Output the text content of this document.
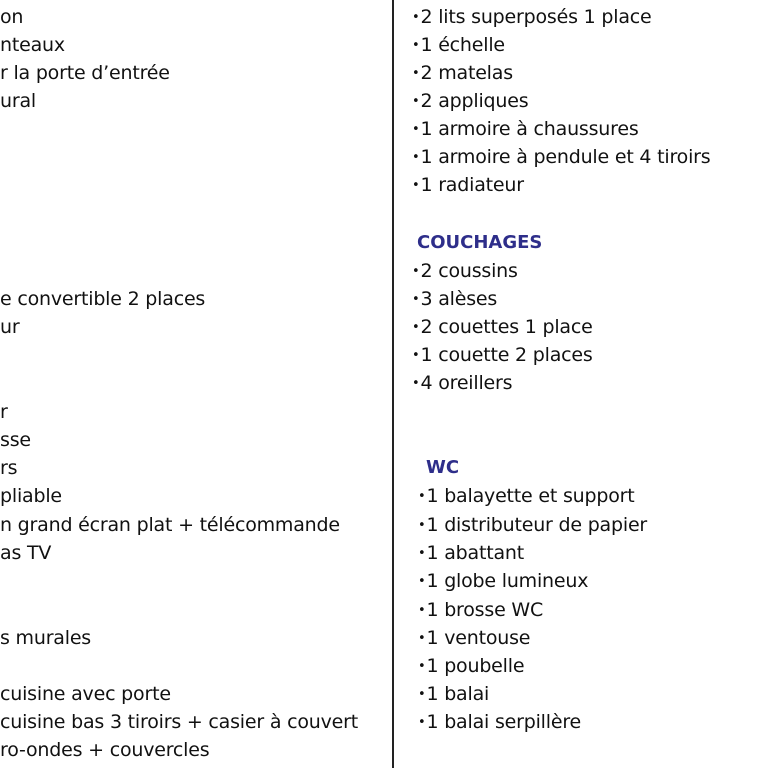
on
nteaux
r la porte d’entrée
ural
e convertible 2 places
ur
r
sse
rs
pliable
n grand écran plat + télécommande
as TV
s murales
cuisine avec porte
cuisine bas 3 tiroirs + casier à couvert
ro-ondes + couvercles
•2 lits superposés 1 place
•1 échelle
•2 matelas
•2 appliques
•1 armoire à chaussures
•1 armoire à pendule et 4 tiroirs
•1 radiateur
COUCHAGES
•2 coussins
•3 alèses
•2 couettes 1 place
•1 couette 2 places
•4 oreillers
WC
•1 balayette et support
•1 distributeur de papier
•1 abattant
•1 globe lumineux
•1 brosse WC
•1 ventouse
•1 poubelle
•1 balai
•1 balai serpillère
